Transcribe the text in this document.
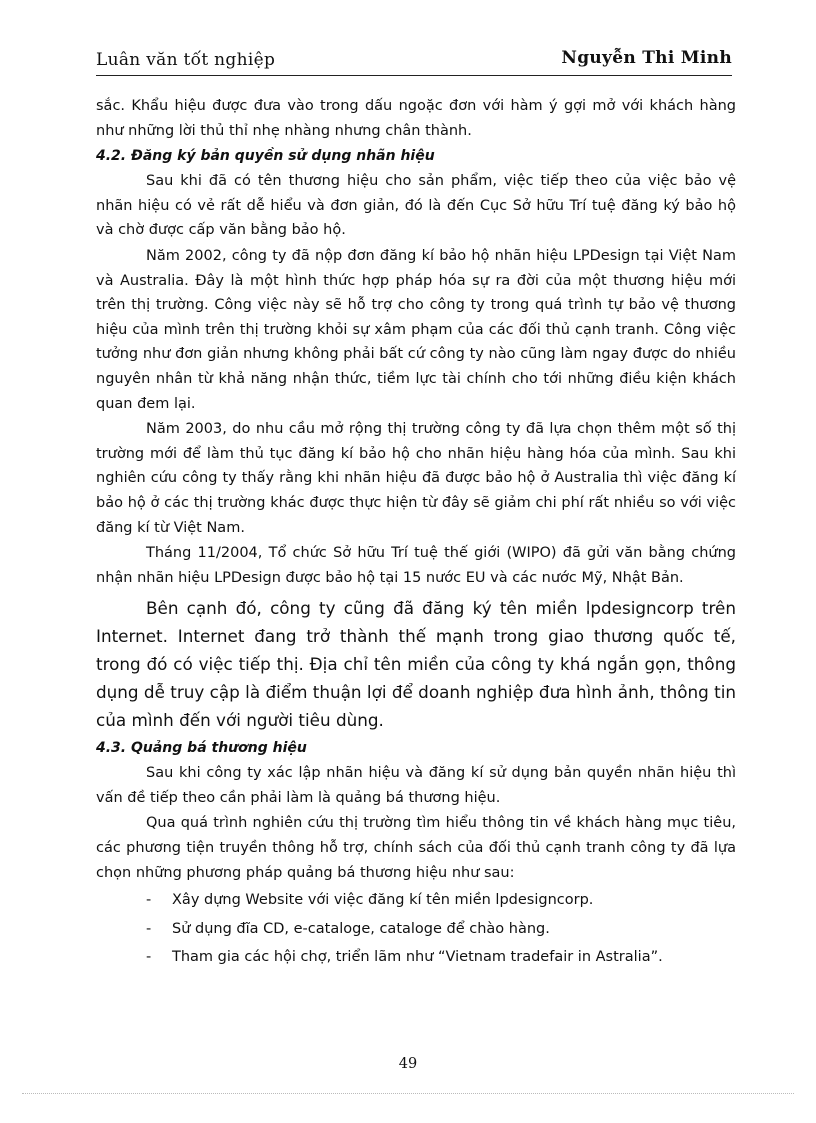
Luân văn tốt nghiệp	Nguyễn Thi Minh

sắc. Khẩu hiệu được đưa vào trong dấu ngoặc đơn với hàm ý gợi mở với khách hàng như những lời thủ thỉ nhẹ nhàng nhưng chân thành.

4.2. Đăng ký bản quyền sử dụng nhãn hiệu

Sau khi đã có tên thương hiệu cho sản phẩm, việc tiếp theo của việc bảo vệ nhãn hiệu có vẻ rất dễ hiểu và đơn giản, đó là đến Cục Sở hữu Trí tuệ đăng ký bảo hộ và chờ được cấp văn bằng bảo hộ.

Năm 2002, công ty đã nộp đơn đăng kí bảo hộ nhãn hiệu LPDesign tại Việt Nam và Australia. Đây là một hình thức hợp pháp hóa sự ra đời của một thương hiệu mới trên thị trường. Công việc này sẽ hỗ trợ cho công ty trong quá trình tự bảo vệ thương hiệu của mình trên thị trường khỏi sự xâm phạm của các đối thủ cạnh tranh. Công việc tưởng như đơn giản nhưng không phải bất cứ công ty nào cũng làm ngay được do nhiều nguyên nhân từ khả năng nhận thức, tiềm lực tài chính cho tới những điều kiện khách quan đem lại.

Năm 2003, do nhu cầu mở rộng thị trường công ty đã lựa chọn thêm một số thị trường mới để làm thủ tục đăng kí bảo hộ cho nhãn hiệu hàng hóa của mình. Sau khi nghiên cứu công ty thấy rằng khi nhãn hiệu đã được bảo hộ ở Australia thì việc đăng kí bảo hộ ở các thị trường khác được thực hiện từ đây sẽ giảm chi phí rất nhiều so với việc đăng kí từ Việt Nam.

Tháng 11/2004, Tổ chức Sở hữu Trí tuệ thế giới (WIPO) đã gửi văn bằng chứng nhận nhãn hiệu LPDesign được bảo hộ tại 15 nước EU và các nước Mỹ, Nhật Bản.

Bên cạnh đó, công ty cũng đã đăng ký tên miền lpdesigncorp trên Internet. Internet đang trở thành thế mạnh trong giao thương quốc tế, trong đó có việc tiếp thị. Địa chỉ tên miền của công ty khá ngắn gọn, thông dụng dễ truy cập là điểm thuận lợi để doanh nghiệp đưa hình ảnh, thông tin của mình đến với người tiêu dùng.

4.3. Quảng bá thương hiệu

Sau khi công ty xác lập nhãn hiệu và đăng kí sử dụng bản quyền nhãn hiệu thì vấn đề tiếp theo cần phải làm là quảng bá thương hiệu.

Qua quá trình nghiên cứu thị trường tìm hiểu thông tin về khách hàng mục tiêu, các phương tiện truyền thông hỗ trợ, chính sách của đối thủ cạnh tranh công ty đã lựa chọn những phương pháp quảng bá thương hiệu như sau:

- Xây dựng Website với việc đăng kí tên miền lpdesigncorp.

- Sử dụng đĩa CD, e-cataloge, cataloge để chào hàng.

- Tham gia các hội chợ, triển lãm như “Vietnam tradefair in Astralia”.

49
